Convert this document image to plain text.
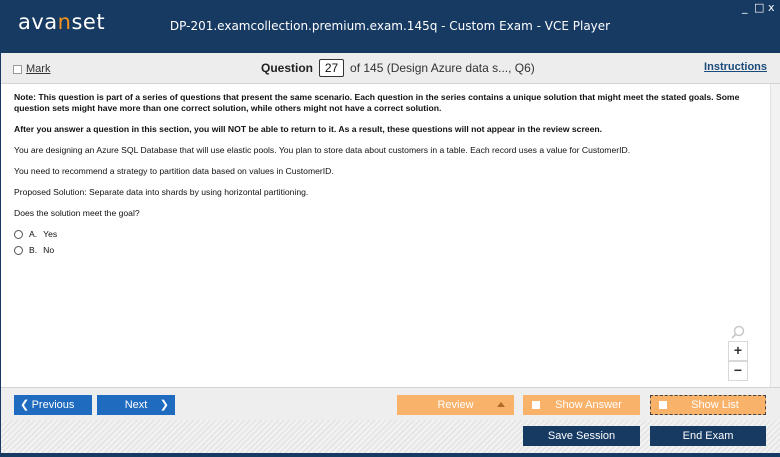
avanset	DP-201.examcollection.premium.exam.145q - Custom Exam - VCE Player
_ □ x
Mark	Question 27 of 145 (Design Azure data s..., Q6)	Instructions

Note: This question is part of a series of questions that present the same scenario. Each question in the series contains a unique solution that might meet the stated goals. Some question sets might have more than one correct solution, while others might not have a correct solution.

After you answer a question in this section, you will NOT be able to return to it. As a result, these questions will not appear in the review screen.

You are designing an Azure SQL Database that will use elastic pools. You plan to store data about customers in a table. Each record uses a value for CustomerID.

You need to recommend a strategy to partition data based on values in CustomerID.

Proposed Solution: Separate data into shards by using horizontal partitioning.

Does the solution meet the goal?

A. Yes
B. No
+
−
❮ Previous	Next ❯	Review	Show Answer	Show List
Save Session	End Exam
